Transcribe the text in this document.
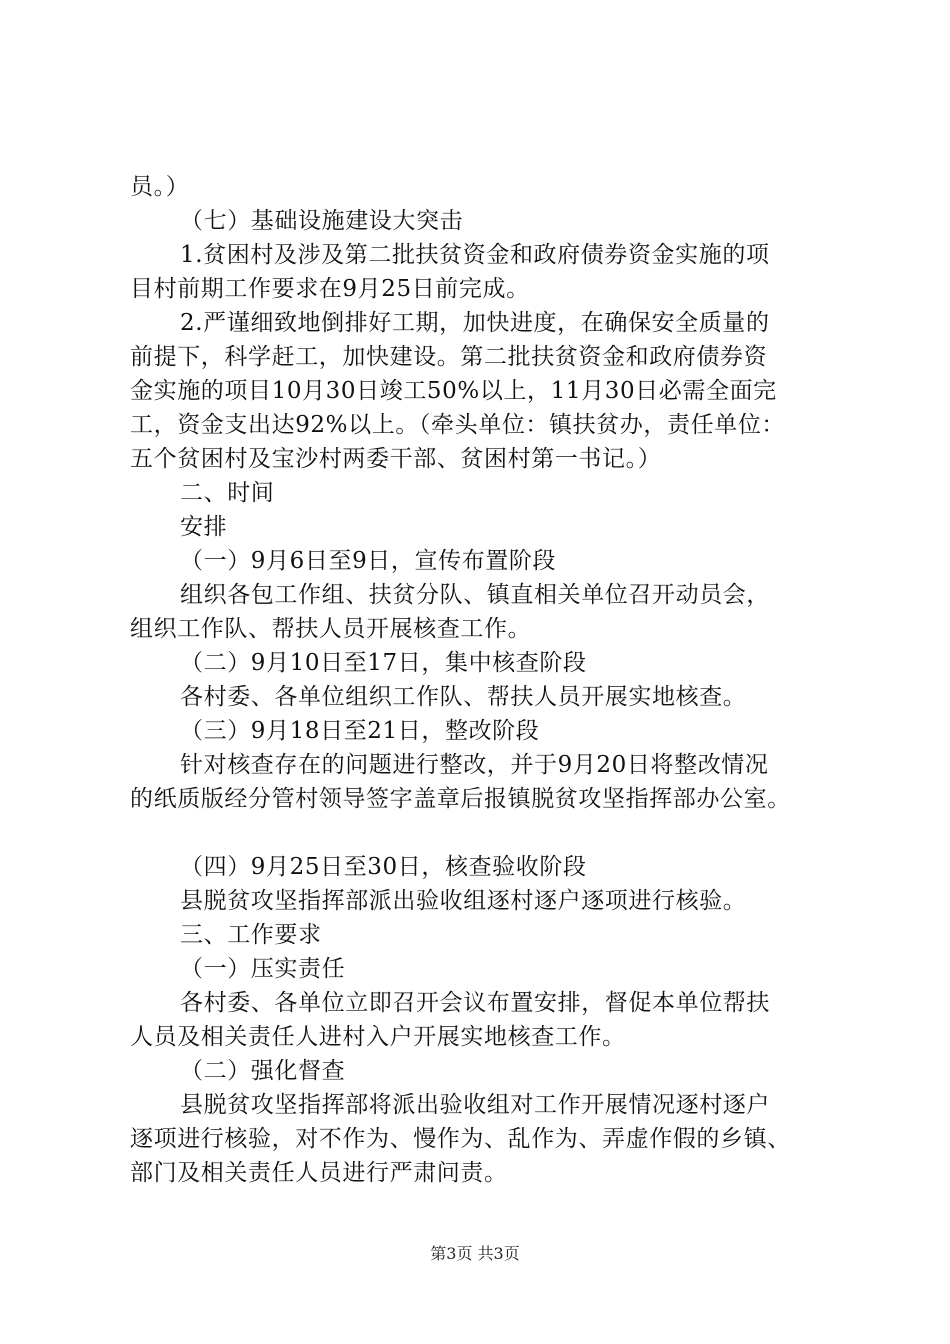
员。）
（七）基础设施建设大突击
1.贫困村及涉及第二批扶贫资金和政府债券资金实施的项
目村前期工作要求在9月25日前完成。
2.严谨细致地倒排好工期，加快进度，在确保安全质量的
前提下，科学赶工，加快建设。第二批扶贫资金和政府债券资
金实施的项目10月30日竣工50%以上，11月30日必需全面完
工，资金支出达92%以上。（牵头单位：镇扶贫办，责任单位：
五个贫困村及宝沙村两委干部、贫困村第一书记。）
二、时间
安排
（一）9月6日至9日，宣传布置阶段
组织各包工作组、扶贫分队、镇直相关单位召开动员会，
组织工作队、帮扶人员开展核查工作。
（二）9月10日至17日，集中核查阶段
各村委、各单位组织工作队、帮扶人员开展实地核查。
（三）9月18日至21日，整改阶段
针对核查存在的问题进行整改，并于9月20日将整改情况
的纸质版经分管村领导签字盖章后报镇脱贫攻坚指挥部办公室。
（四）9月25日至30日，核查验收阶段
县脱贫攻坚指挥部派出验收组逐村逐户逐项进行核验。
三、工作要求
（一）压实责任
各村委、各单位立即召开会议布置安排，督促本单位帮扶
人员及相关责任人进村入户开展实地核查工作。
（二）强化督查
县脱贫攻坚指挥部将派出验收组对工作开展情况逐村逐户
逐项进行核验，对不作为、慢作为、乱作为、弄虚作假的乡镇、
部门及相关责任人员进行严肃问责。
第3页 共3页
